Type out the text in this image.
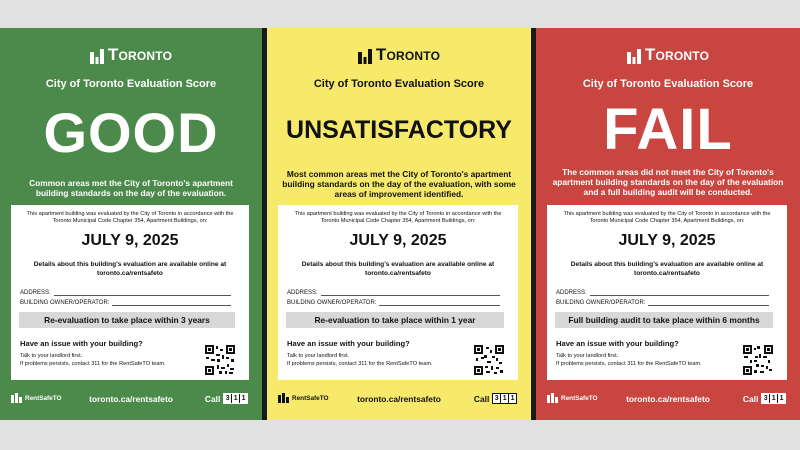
Toronto
City of Toronto Evaluation Score
GOOD
Common areas met the City of Toronto's apartment building standards on the day of the evaluation.
This apartment building was evaluated by the City of Toronto in accordance with the Toronto Municipal Code Chapter 354, Apartment Buildings, on:
JULY 9, 2025
Details about this building's evaluation are available online at toronto.ca/rentsafeto
ADDRESS:
BUILDING OWNER/OPERATOR:
Re-evaluation to take place within 3 years
Have an issue with your building?
Talk to your landlord first.
If problems persists, contact 311 for the RentSafeTO team.
RentSafeTO	toronto.ca/rentsafeto	Call 3 1 1
Toronto
City of Toronto Evaluation Score
UNSATISFACTORY
Most common areas met the City of Toronto's apartment building standards on the day of the evaluation, with some areas of improvement identified.
This apartment building was evaluated by the City of Toronto in accordance with the Toronto Municipal Code Chapter 354, Apartment Buildings, on:
JULY 9, 2025
Details about this building's evaluation are available online at toronto.ca/rentsafeto
ADDRESS:
BUILDING OWNER/OPERATOR:
Re-evaluation to take place within 1 year
Have an issue with your building?
Talk to your landlord first.
If problems persists, contact 311 for the RentSafeTO team.
RentSafeTO	toronto.ca/rentsafeto	Call 3 1 1
Toronto
City of Toronto Evaluation Score
FAIL
The common areas did not meet the City of Toronto's apartment building standards on the day of the evaluation and a full building audit will be conducted.
This apartment building was evaluated by the City of Toronto in accordance with the Toronto Municipal Code Chapter 354, Apartment Buildings, on:
JULY 9, 2025
Details about this building's evaluation are available online at toronto.ca/rentsafeto
ADDRESS:
BUILDING OWNER/OPERATOR:
Full building audit to take place within 6 months
Have an issue with your building?
Talk to your landlord first.
If problems persists, contact 311 for the RentSafeTO team.
RentSafeTO	toronto.ca/rentsafeto	Call 3 1 1
